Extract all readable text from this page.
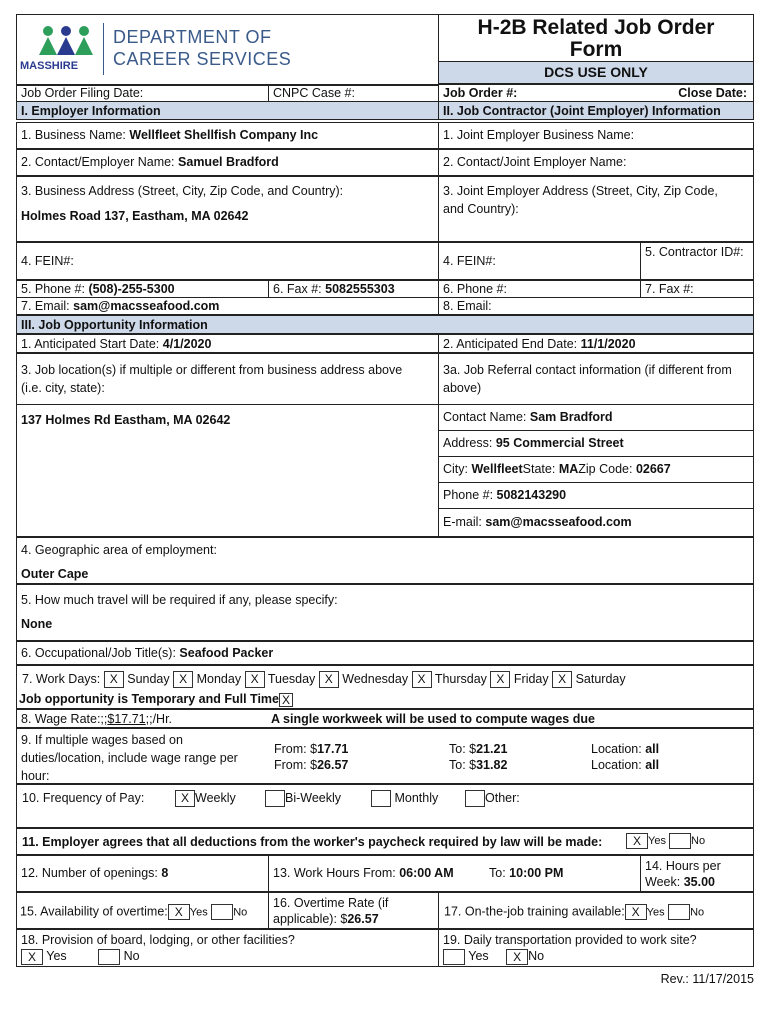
MASSHIRE
DEPARTMENT OF
CAREER SERVICES
H-2B Related Job Order
Form
DCS USE ONLY
Job Order Filing Date:	CNPC Case #:	Job Order #:	Close Date:
I. Employer Information	II. Job Contractor (Joint Employer) Information
1. Business Name: Wellfleet Shellfish Company Inc
2. Contact/Employer Name: Samuel Bradford
3. Business Address (Street, City, Zip Code, and Country):
Holmes Road 137, Eastham, MA 02642
4. FEIN#:
5. Phone #: (508)-255-5300	6. Fax #: 5082555303
7. Email: sam@macsseafood.com
1. Joint Employer Business Name:
2. Contact/Joint Employer Name:
3. Joint Employer Address (Street, City, Zip Code,
and Country):
4. FEIN#:
5. Contractor ID#:
6. Phone #:	7. Fax #:
8. Email:
III. Job Opportunity Information
1. Anticipated Start Date: 4/1/2020	2. Anticipated End Date: 11/1/2020
3. Job location(s) if multiple or different from business address above
(i.e. city, state):
137 Holmes Rd Eastham, MA 02642
3a. Job Referral contact information (if different from
above)
Contact Name: Sam Bradford
Address: 95 Commercial Street
City: WellfleetState: MAZip Code: 02667
Phone #: 5082143290
E-mail: sam@macsseafood.com
4. Geographic area of employment:
Outer Cape
5. How much travel will be required if any, please specify:
None
6. Occupational/Job Title(s): Seafood Packer
7. Work Days: X Sunday X Monday X Tuesday X Wednesday X Thursday X Friday X Saturday
Job opportunity is Temporary and Full Time X
8. Wage Rate:;;$17.71;;/Hr.	A single workweek will be used to compute wages due
9. If multiple wages based on
duties/location, include wage range per
hour:
From: $17.71	To: $21.21	Location: all
From: $26.57	To: $31.82	Location: all
10. Frequency of Pay:	X Weekly	Bi-Weekly	Monthly	Other:
11. Employer agrees that all deductions from the worker's paycheck required by law will be made:	X Yes No
12. Number of openings: 8	13. Work Hours From: 06:00 AM	To: 10:00 PM	14. Hours per
Week: 35.00
15. Availability of overtime: X Yes No
16. Overtime Rate (if
applicable): $26.57
17. On-the-job training available: X Yes No
18. Provision of board, lodging, or other facilities?
X Yes	No
19. Daily transportation provided to work site?
Yes X No
Rev.: 11/17/2015
